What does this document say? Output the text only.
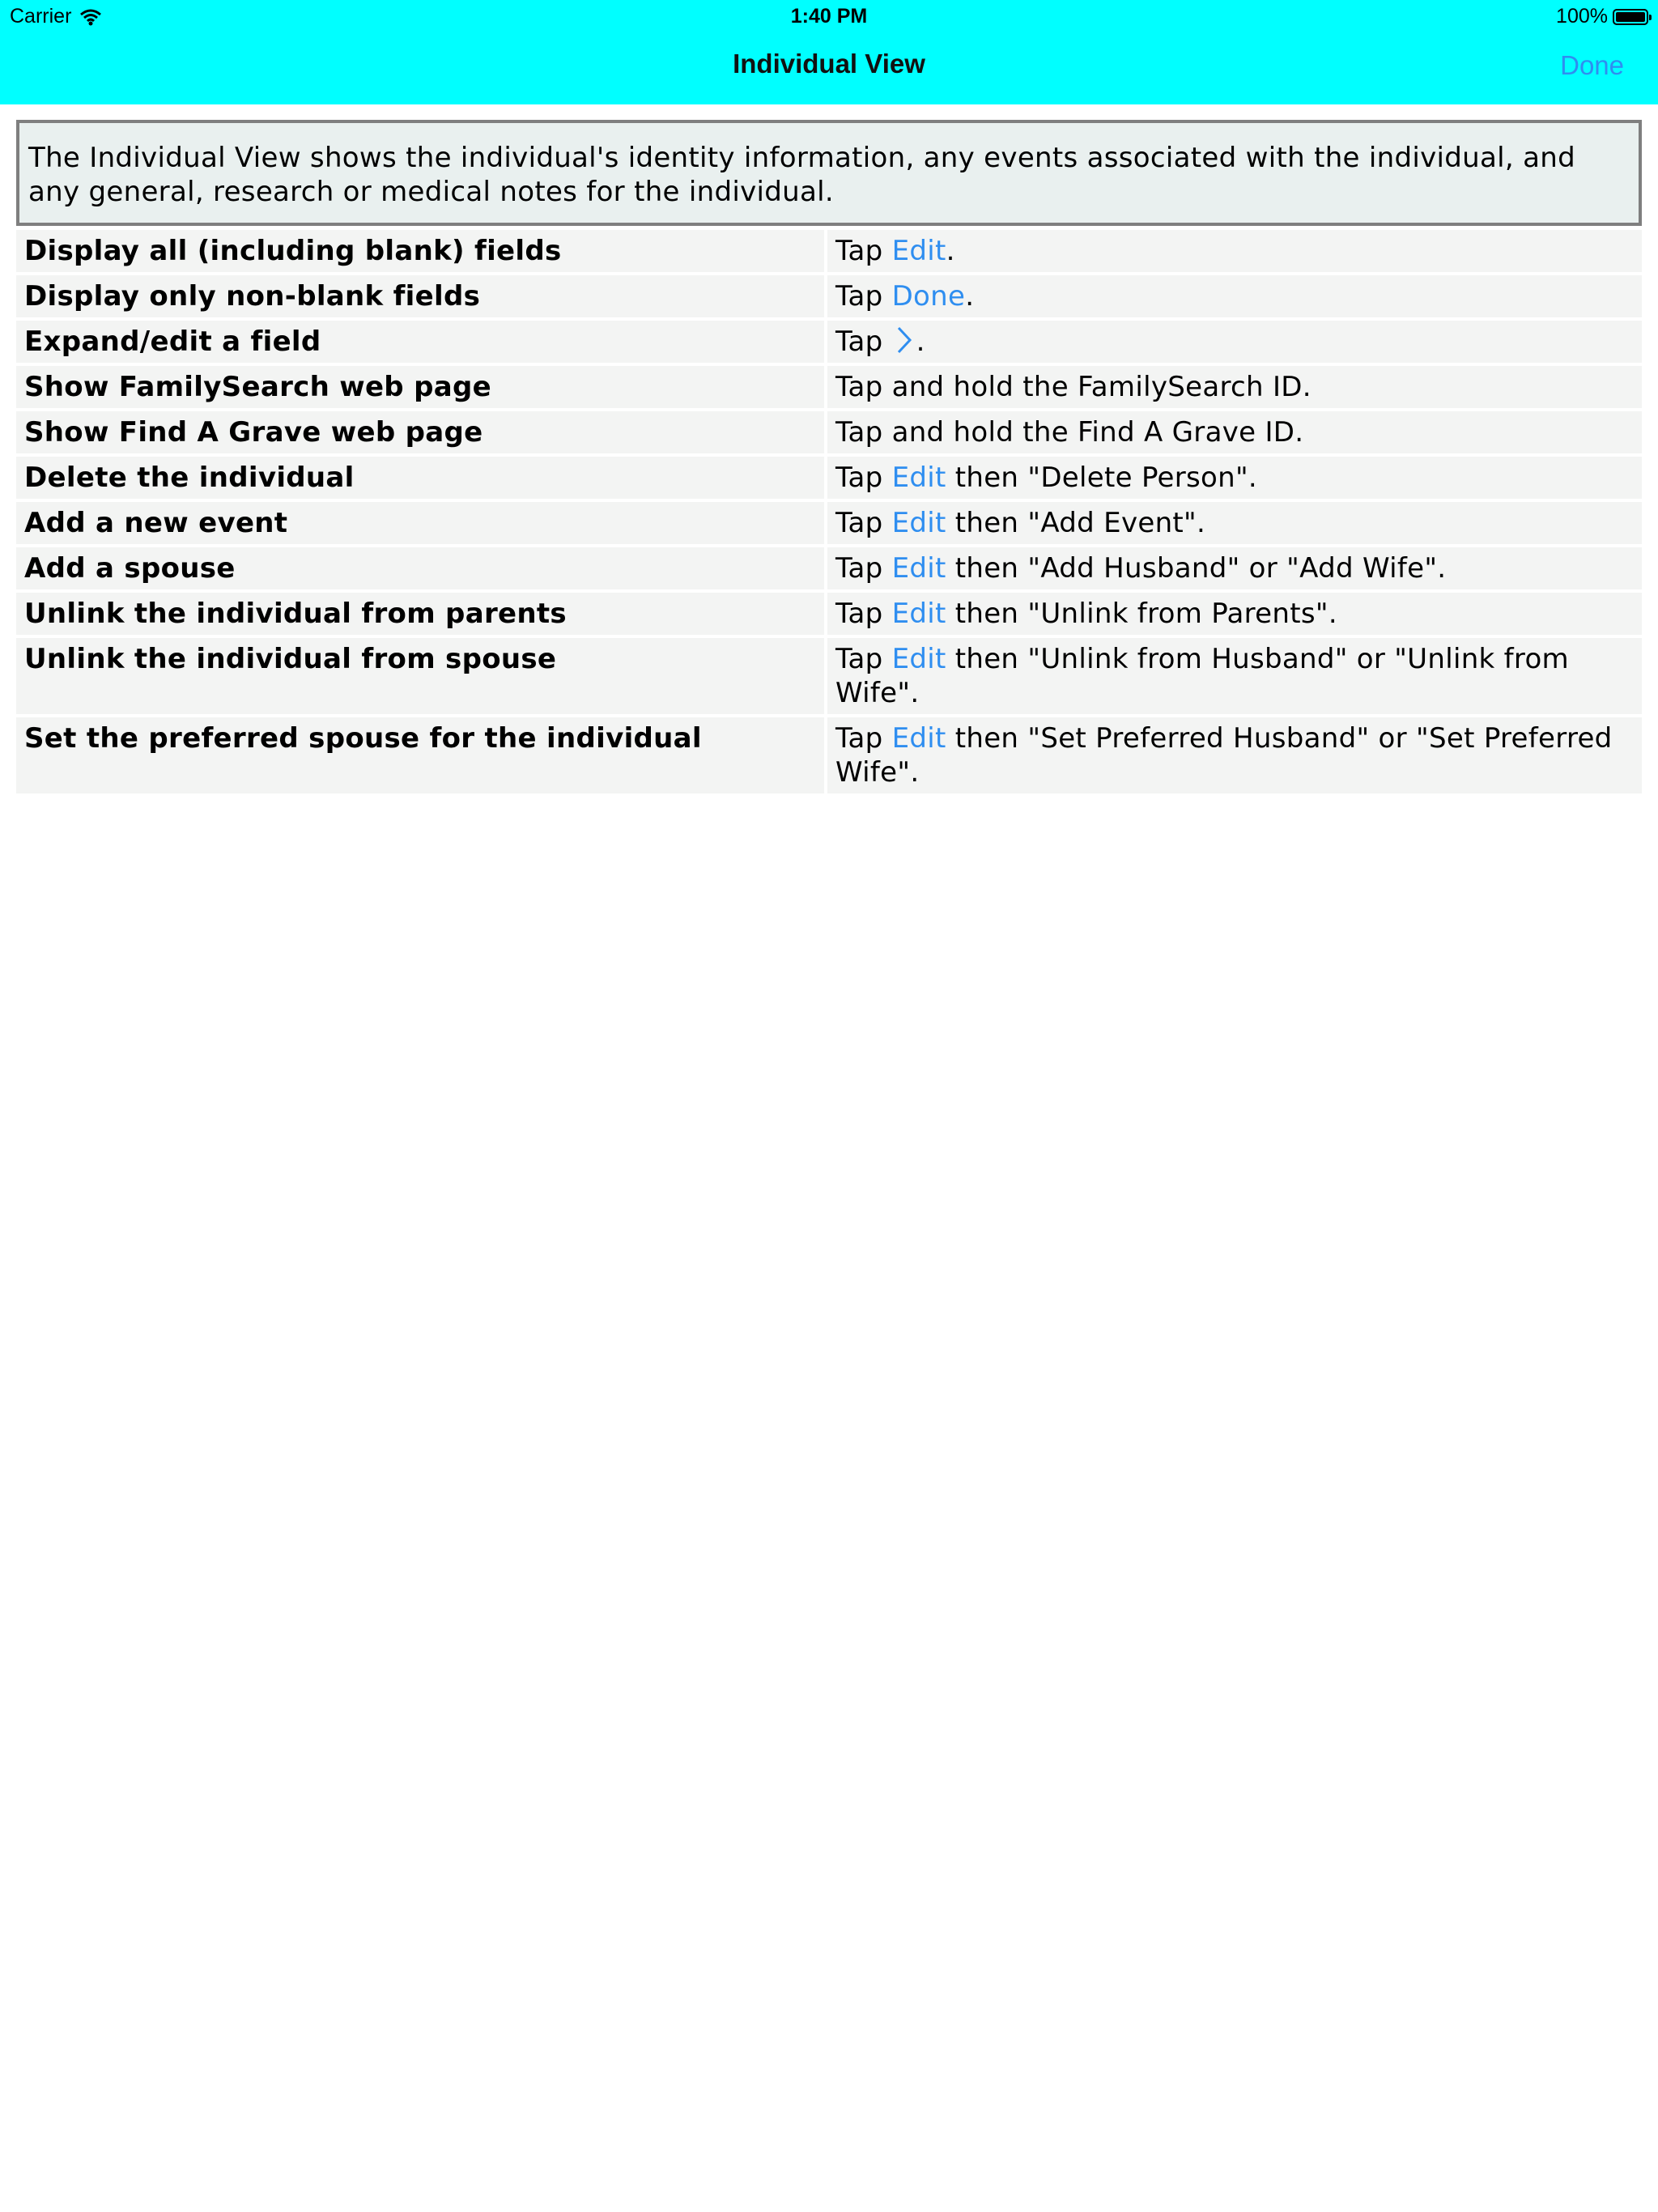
Carrier	1:40 PM	100%
Individual View	Done
The Individual View shows the individual's identity information, any events associated with the individual, and any general, research or medical notes for the individual.
Display all (including blank) fields	Tap Edit.
Display only non-blank fields	Tap Done.
Expand/edit a field	Tap .
Show FamilySearch web page	Tap and hold the FamilySearch ID.
Show Find A Grave web page	Tap and hold the Find A Grave ID.
Delete the individual	Tap Edit then "Delete Person".
Add a new event	Tap Edit then "Add Event".
Add a spouse	Tap Edit then "Add Husband" or "Add Wife".
Unlink the individual from parents	Tap Edit then "Unlink from Parents".
Unlink the individual from spouse	Tap Edit then "Unlink from Husband" or "Unlink from Wife".
Set the preferred spouse for the individual	Tap Edit then "Set Preferred Husband" or "Set Preferred Wife".
